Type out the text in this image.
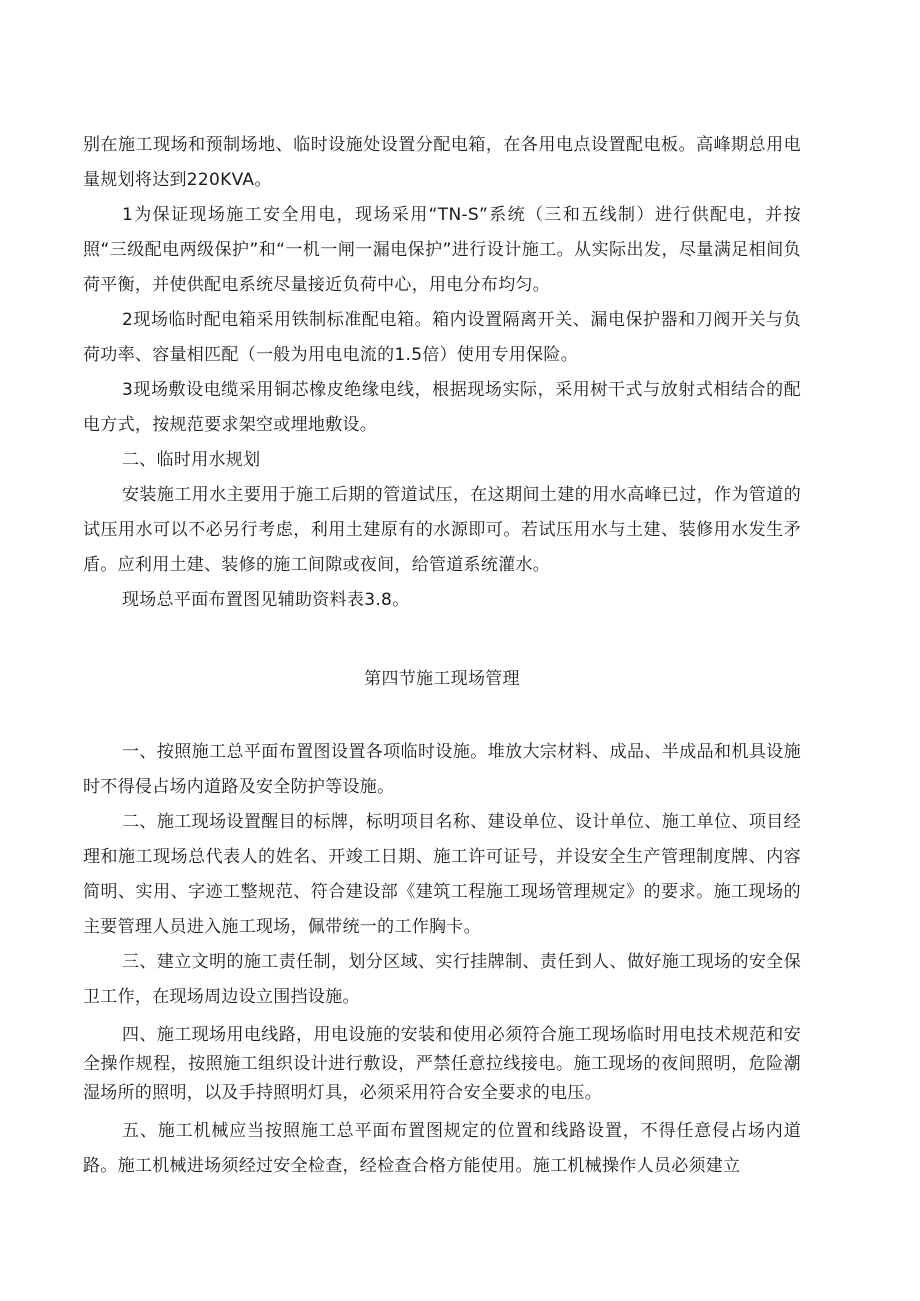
别在施工现场和预制场地、临时设施处设置分配电箱，在各用电点设置配电板。高峰期总用电量规划将达到220KVA。

1为保证现场施工安全用电，现场采用“TN-S”系统（三和五线制）进行供配电，并按照“三级配电两级保护”和“一机一闸一漏电保护”进行设计施工。从实际出发，尽量满足相间负荷平衡，并使供配电系统尽量接近负荷中心，用电分布均匀。

2现场临时配电箱采用铁制标准配电箱。箱内设置隔离开关、漏电保护器和刀阀开关与负荷功率、容量相匹配（一般为用电电流的1.5倍）使用专用保险。

3现场敷设电缆采用铜芯橡皮绝缘电线，根据现场实际，采用树干式与放射式相结合的配电方式，按规范要求架空或埋地敷设。

二、临时用水规划

安装施工用水主要用于施工后期的管道试压，在这期间土建的用水高峰已过，作为管道的试压用水可以不必另行考虑，利用土建原有的水源即可。若试压用水与土建、装修用水发生矛盾。应利用土建、装修的施工间隙或夜间，给管道系统灌水。

现场总平面布置图见辅助资料表3.8。

第四节施工现场管理

一、按照施工总平面布置图设置各项临时设施。堆放大宗材料、成品、半成品和机具设施时不得侵占场内道路及安全防护等设施。

二、施工现场设置醒目的标牌，标明项目名称、建设单位、设计单位、施工单位、项目经理和施工现场总代表人的姓名、开竣工日期、施工许可证号，并设安全生产管理制度牌、内容简明、实用、字迹工整规范、符合建设部《建筑工程施工现场管理规定》的要求。施工现场的主要管理人员进入施工现场，佩带统一的工作胸卡。

三、建立文明的施工责任制，划分区域、实行挂牌制、责任到人、做好施工现场的安全保卫工作，在现场周边设立围挡设施。

四、施工现场用电线路，用电设施的安装和使用必须符合施工现场临时用电技术规范和安全操作规程，按照施工组织设计进行敷设，严禁任意拉线接电。施工现场的夜间照明，危险潮湿场所的照明，以及手持照明灯具，必须采用符合安全要求的电压。

五、施工机械应当按照施工总平面布置图规定的位置和线路设置，不得任意侵占场内道路。施工机械进场须经过安全检查，经检查合格方能使用。施工机械操作人员必须建立
